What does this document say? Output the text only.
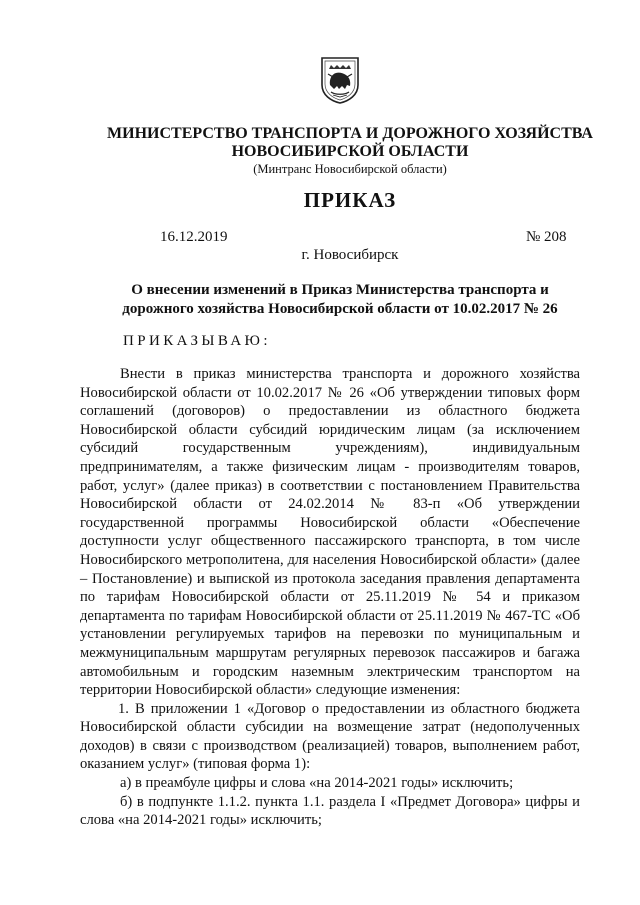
МИНИСТЕРСТВО ТРАНСПОРТА И ДОРОЖНОГО ХОЗЯЙСТВА
НОВОСИБИРСКОЙ ОБЛАСТИ
(Минтранс Новосибирской области)
ПРИКАЗ
16.12.2019	№ 208
г. Новосибирск
О внесении изменений в Приказ Министерства транспорта и дорожного хозяйства Новосибирской области от 10.02.2017 № 26
ПРИКАЗЫВАЮ:

Внести в приказ министерства транспорта и дорожного хозяйства Новосибирской области от 10.02.2017 № 26 «Об утверждении типовых форм соглашений (договоров) о предоставлении из областного бюджета Новосибирской области субсидий юридическим лицам (за исключением субсидий государственным учреждениям), индивидуальным предпринимателям, а также физическим лицам - производителям товаров, работ, услуг» (далее приказ) в соответствии с постановлением Правительства Новосибирской области от 24.02.2014 № 83-п «Об утверждении государственной программы Новосибирской области «Обеспечение доступности услуг общественного пассажирского транспорта, в том числе Новосибирского метрополитена, для населения Новосибирской области» (далее – Постановление) и выпиской из протокола заседания правления департамента по тарифам Новосибирской области от 25.11.2019 № 54 и приказом департамента по тарифам Новосибирской области от 25.11.2019 № 467-ТС «Об установлении регулируемых тарифов на перевозки по муниципальным и межмуниципальным маршрутам регулярных перевозок пассажиров и багажа автомобильным и городским наземным электрическим транспортом на территории Новосибирской области» следующие изменения:

1. В приложении 1 «Договор о предоставлении из областного бюджета Новосибирской области субсидии на возмещение затрат (недополученных доходов) в связи с производством (реализацией) товаров, выполнением работ, оказанием услуг» (типовая форма 1):

а) в преамбуле цифры и слова «на 2014-2021 годы» исключить;

б) в подпункте 1.1.2. пункта 1.1. раздела I «Предмет Договора» цифры и слова «на 2014-2021 годы» исключить;
